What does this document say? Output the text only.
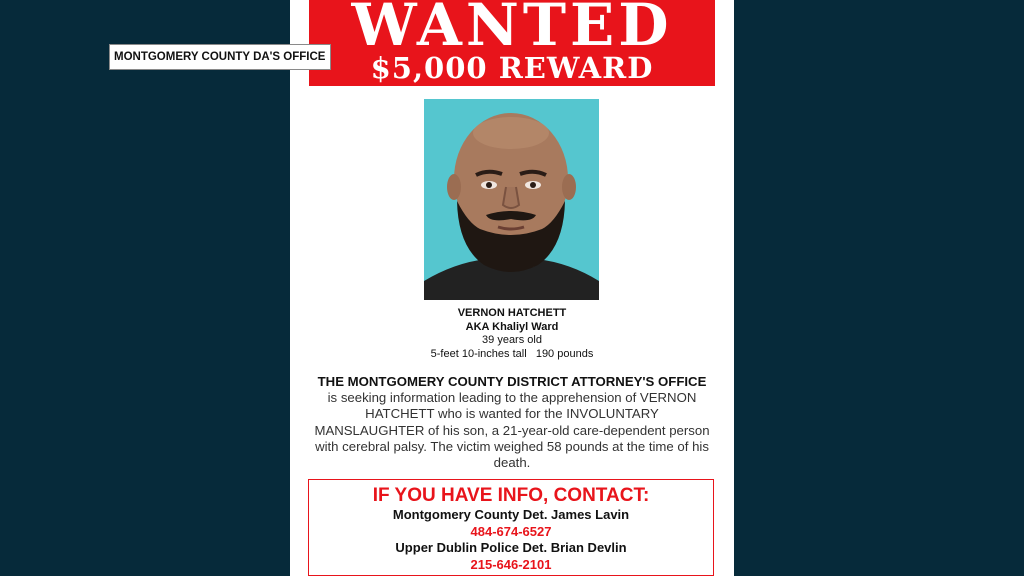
WANTED
$5,000 REWARD
VERNON HATCHETT
AKA Khaliyl Ward
39 years old
5-feet 10-inches tall   190 pounds
THE MONTGOMERY COUNTY DISTRICT ATTORNEY'S OFFICE
is seeking information leading to the apprehension of VERNON HATCHETT who is wanted for the INVOLUNTARY MANSLAUGHTER of his son, a 21-year-old care-dependent person with cerebral palsy. The victim weighed 58 pounds at the time of his death.
IF YOU HAVE INFO, CONTACT:
Montgomery County Det. James Lavin
484-674-6527
Upper Dublin Police Det. Brian Devlin
215-646-2101
MONTGOMERY COUNTY DA'S OFFICE
